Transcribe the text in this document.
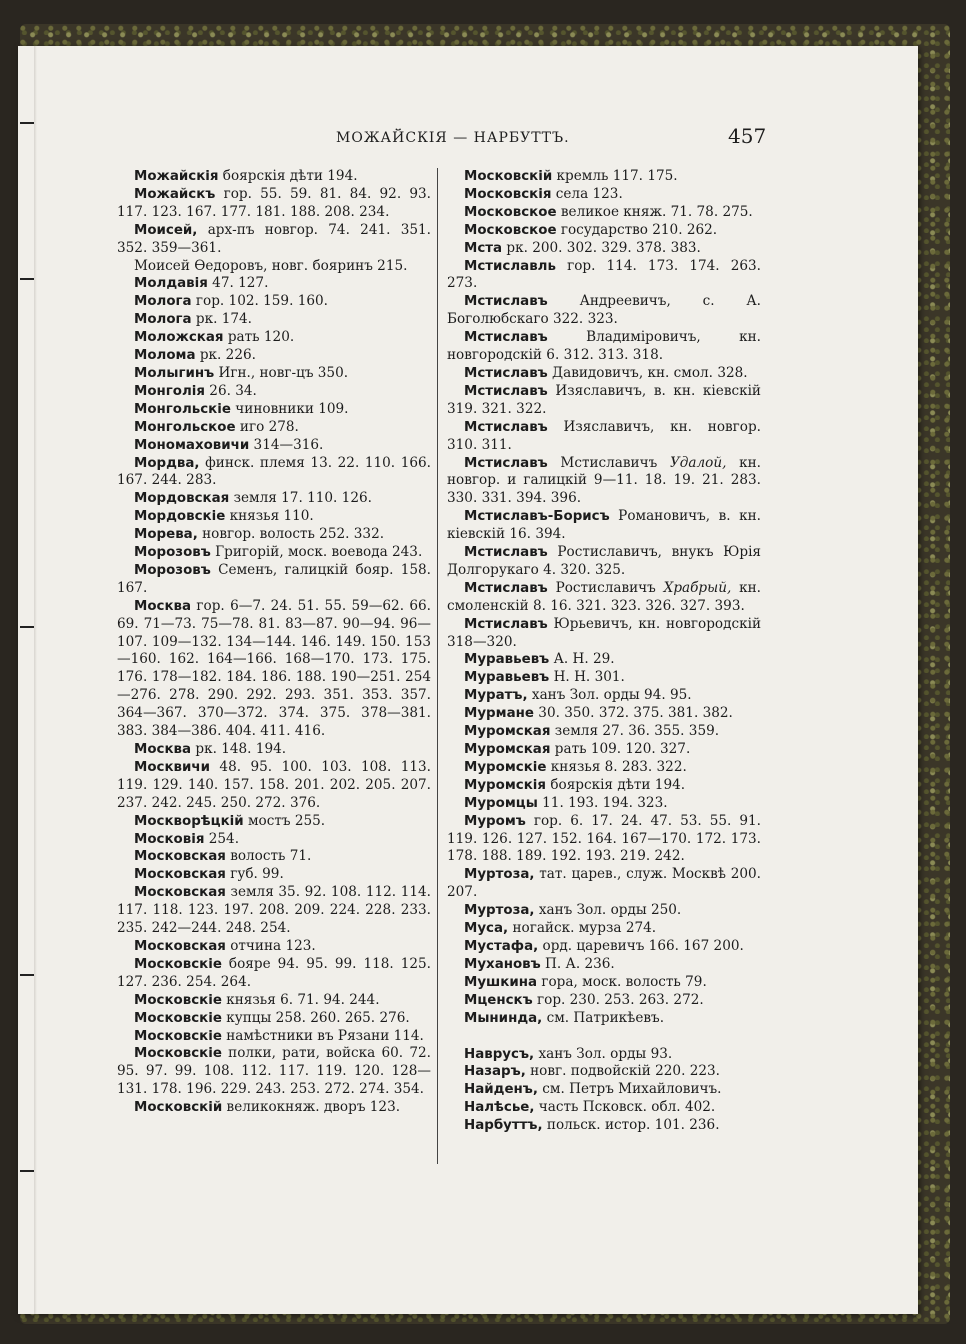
МОЖАЙСКІЯ — НАРБУТТЪ.	457

Можайскія боярскія дѣти 194.

Можайскъ гор. 55. 59. 81. 84. 92. 93. 117. 123. 167. 177. 181. 188. 208. 234.

Моисей, арх-пъ новгор. 74. 241. 351. 352. 359—361.

Моисей Ѳедоровъ, новг. бояринъ 215.

Молдавія 47. 127.

Молога гор. 102. 159. 160.

Молога рк. 174.

Моложская рать 120.

Молома рк. 226.

Молыгинъ Игн., новг-цъ 350.

Монголія 26. 34.

Монгольскіе чиновники 109.

Монгольское иго 278.

Мономаховичи 314—316.

Мордва, финск. племя 13. 22. 110. 166. 167. 244. 283.

Мордовская земля 17. 110. 126.

Мордовскіе князья 110.

Морева, новгор. волость 252. 332.

Морозовъ Григорій, моск. воевода 243.

Морозовъ Семенъ, галицкій бояр. 158. 167.

Москва гор. 6—7. 24. 51. 55. 59—62. 66. 69. 71—73. 75—78. 81. 83—87. 90—94. 96—107. 109—132. 134—144. 146. 149. 150. 153—160. 162. 164—166. 168—170. 173. 175. 176. 178—182. 184. 186. 188. 190—251. 254—276. 278. 290. 292. 293. 351. 353. 357. 364—367. 370—372. 374. 375. 378—381. 383. 384—386. 404. 411. 416.

Москва рк. 148. 194.

Москвичи 48. 95. 100. 103. 108. 113. 119. 129. 140. 157. 158. 201. 202. 205. 207. 237. 242. 245. 250. 272. 376.

Москворѣцкій мостъ 255.

Московія 254.

Московская волость 71.

Московская губ. 99.

Московская земля 35. 92. 108. 112. 114. 117. 118. 123. 197. 208. 209. 224. 228. 233. 235. 242—244. 248. 254.

Московская отчина 123.

Московскіе бояре 94. 95. 99. 118. 125. 127. 236. 254. 264.

Московскіе князья 6. 71. 94. 244.

Московскіе купцы 258. 260. 265. 276.

Московскіе намѣстники въ Рязани 114.

Московскіе полки, рати, войска 60. 72. 95. 97. 99. 108. 112. 117. 119. 120. 128—131. 178. 196. 229. 243. 253. 272. 274. 354.

Московскій великокняж. дворъ 123.

Московскій кремль 117. 175.

Московскія села 123.

Московское великое княж. 71. 78. 275.

Московское государство 210. 262.

Мста рк. 200. 302. 329. 378. 383.

Мстиславль гор. 114. 173. 174. 263. 273.

Мстиславъ Андреевичъ, с. А. Боголюбскаго 322. 323.

Мстиславъ Владиміровичъ, кн. новгородскій 6. 312. 313. 318.

Мстиславъ Давидовичъ, кн. смол. 328.

Мстиславъ Изяславичъ, в. кн. кіевскій 319. 321. 322.

Мстиславъ Изяславичъ, кн. новгор. 310. 311.

Мстиславъ Мстиславичъ Удалой, кн. новгор. и галицкій 9—11. 18. 19. 21. 283. 330. 331. 394. 396.

Мстиславъ-Борисъ Романовичъ, в. кн. кіевскій 16. 394.

Мстиславъ Ростиславичъ, внукъ Юрія Долгорукаго 4. 320. 325.

Мстиславъ Ростиславичъ Храбрый, кн. смоленскій 8. 16. 321. 323. 326. 327. 393.

Мстиславъ Юрьевичъ, кн. новгородскій 318—320.

Муравьевъ А. Н. 29.

Муравьевъ Н. Н. 301.

Муратъ, ханъ Зол. орды 94. 95.

Мурмане 30. 350. 372. 375. 381. 382.

Муромская земля 27. 36. 355. 359.

Муромская рать 109. 120. 327.

Муромскіе князья 8. 283. 322.

Муромскія боярскія дѣти 194.

Муромцы 11. 193. 194. 323.

Муромъ гор. 6. 17. 24. 47. 53. 55. 91. 119. 126. 127. 152. 164. 167—170. 172. 173. 178. 188. 189. 192. 193. 219. 242.

Муртоза, тат. царев., служ. Москвѣ 200. 207.

Муртоза, ханъ Зол. орды 250.

Муса, ногайск. мурза 274.

Мустафа, орд. царевичъ 166. 167 200.

Мухановъ П. А. 236.

Мушкина гора, моск. волость 79.

Мценскъ гор. 230. 253. 263. 272.

Мынинда, см. Патрикѣевъ.

Наврусъ, ханъ Зол. орды 93.

Назаръ, новг. подвойскій 220. 223.

Найденъ, см. Петръ Михайловичъ.

Налѣсье, часть Псковск. обл. 402.

Нарбуттъ, польск. истор. 101. 236.
